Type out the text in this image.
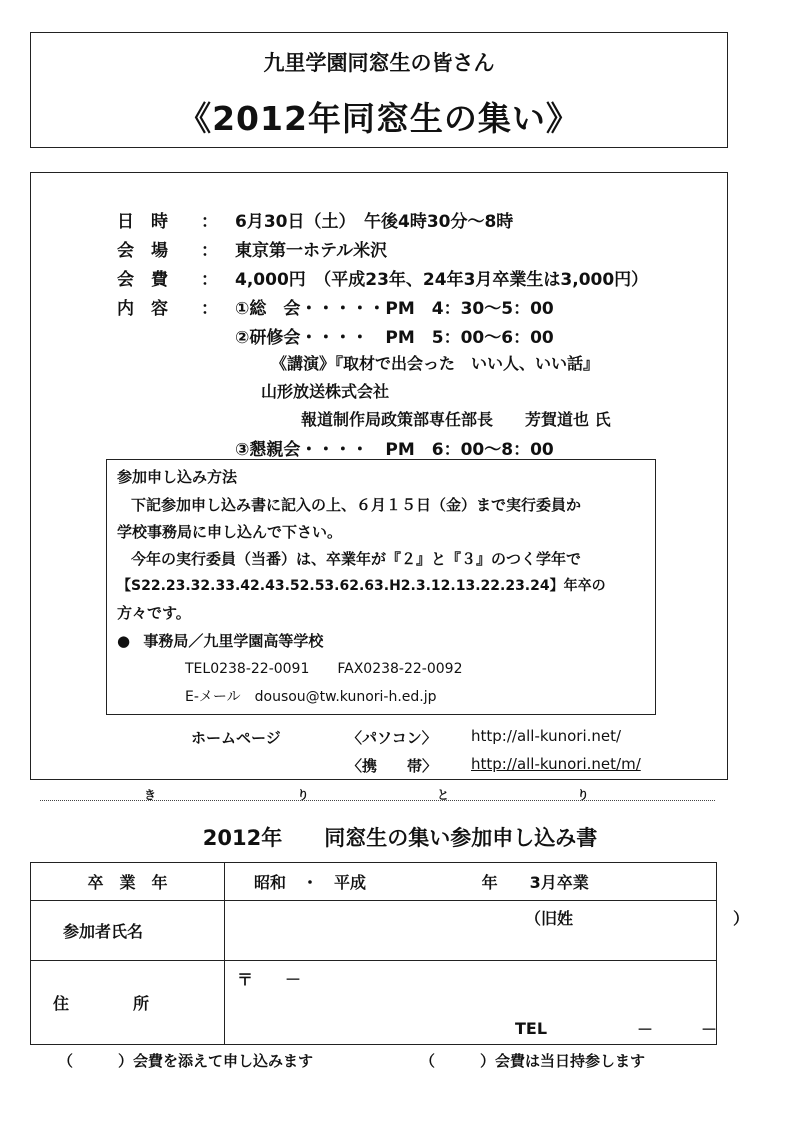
九里学園同窓生の皆さん
《2012年同窓生の集い》
日　時 ： 6月30日（土）　午後4時30分～8時
会　場 ： 東京第一ホテル米沢
会　費 ： 4,000円　（平成23年、24年3月卒業生は3,000円）
内　容 ： ①総　会・・・・・PM　4：30～5：00
②研修会・・・・　PM　5：00～6：00
《講演》『取材で出会った　いい人、いい話』
山形放送株式会社
報道制作局政策部専任部長　　芳賀道也 氏
③懇親会・・・・　PM　6：00～8：00
参加申し込み方法
下記参加申し込み書に記入の上、６月１５日（金）まで実行委員か
学校事務局に申し込んで下さい。
今年の実行委員（当番）は、卒業年が『２』と『３』のつく学年で
【S22.23.32.33.42.43.52.53.62.63.H2.3.12.13.22.23.24】年卒の
方々です。
● 事務局／九里学園高等学校
TEL0238-22-0091　　FAX0238-22-0092
E-メール　dousou@tw.kunori-h.ed.jp
ホームページ	〈パソコン〉 http://all-kunori.net/
〈携　　帯〉 http://all-kunori.net/m/
き	り	と	り
2012年　　同窓生の集い参加申し込み書
卒　業　年	昭和　・　平成 年　　3月卒業
参加者氏名	（旧姓 ）

住　　　　所	〒　　－
TEL －　　　－
（　　　）会費を添えて申し込みます	（　　　）会費は当日持参します
